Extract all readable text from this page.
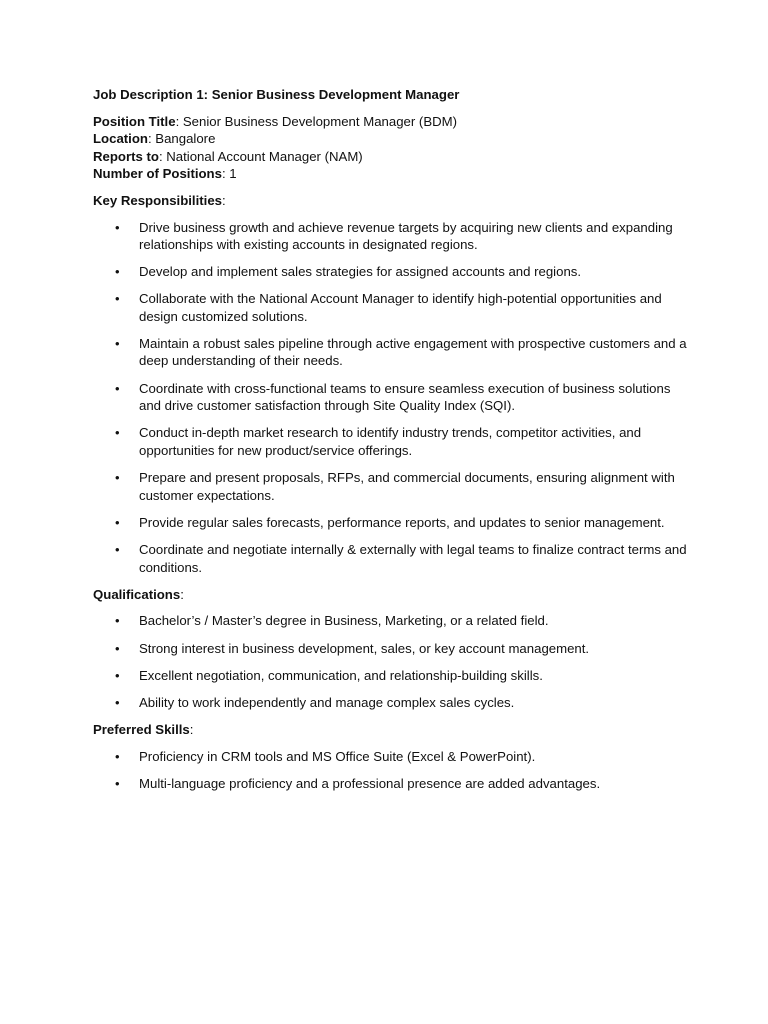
Job Description 1: Senior Business Development Manager
Position Title: Senior Business Development Manager (BDM)
Location: Bangalore
Reports to: National Account Manager (NAM)
Number of Positions: 1
Key Responsibilities:
• Drive business growth and achieve revenue targets by acquiring new clients and expanding relationships with existing accounts in designated regions.
• Develop and implement sales strategies for assigned accounts and regions.
• Collaborate with the National Account Manager to identify high-potential opportunities and design customized solutions.
• Maintain a robust sales pipeline through active engagement with prospective customers and a deep understanding of their needs.
• Coordinate with cross-functional teams to ensure seamless execution of business solutions and drive customer satisfaction through Site Quality Index (SQI).
• Conduct in-depth market research to identify industry trends, competitor activities, and opportunities for new product/service offerings.
• Prepare and present proposals, RFPs, and commercial documents, ensuring alignment with customer expectations.
• Provide regular sales forecasts, performance reports, and updates to senior management.
• Coordinate and negotiate internally & externally with legal teams to finalize contract terms and conditions.
Qualifications:
• Bachelor’s / Master’s degree in Business, Marketing, or a related field.
• Strong interest in business development, sales, or key account management.
• Excellent negotiation, communication, and relationship-building skills.
• Ability to work independently and manage complex sales cycles.
Preferred Skills:
• Proficiency in CRM tools and MS Office Suite (Excel & PowerPoint).
• Multi-language proficiency and a professional presence are added advantages.
